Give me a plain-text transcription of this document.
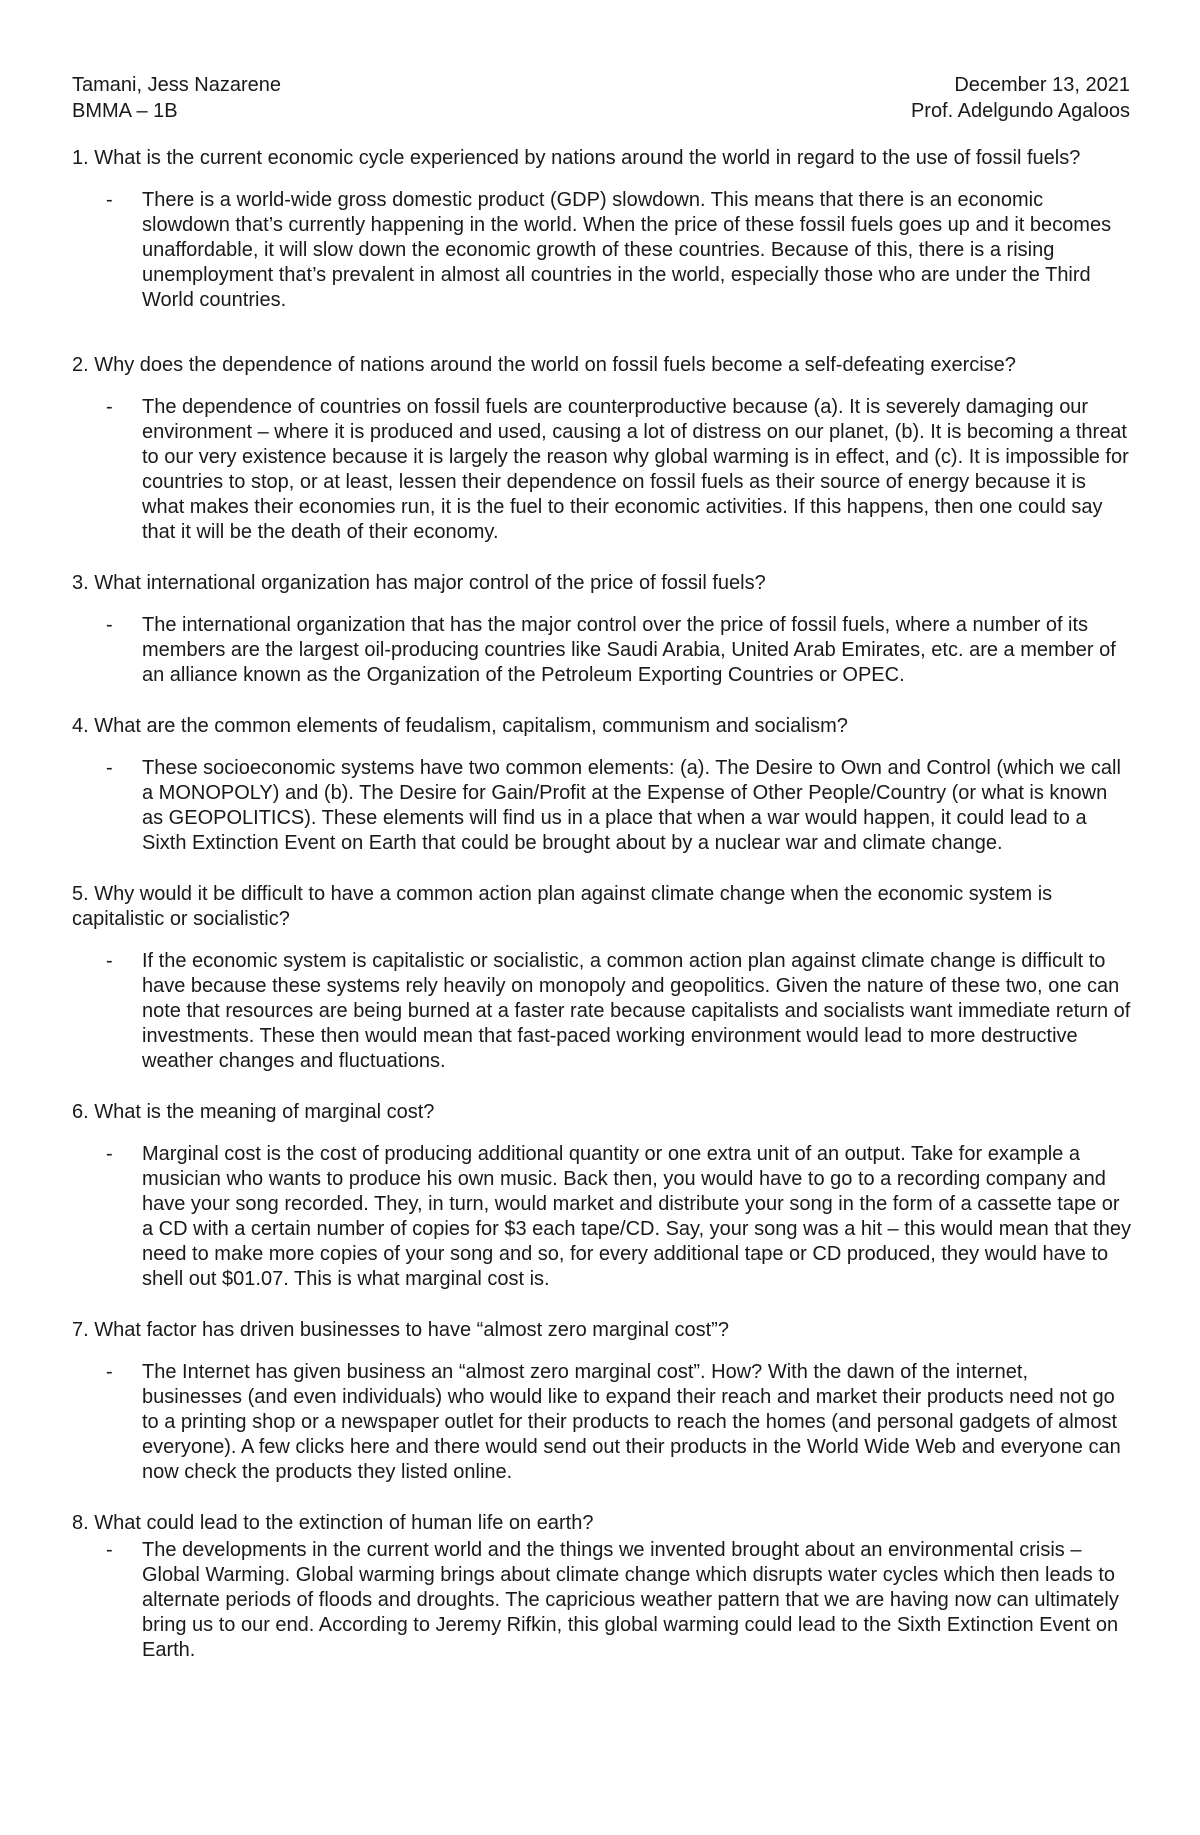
Tamani, Jess Nazarene
BMMA – 1B
December 13, 2021
Prof. Adelgundo Agaloos

1. What is the current economic cycle experienced by nations around the world in regard to the use of fossil fuels?

- There is a world-wide gross domestic product (GDP) slowdown. This means that there is an economic slowdown that’s currently happening in the world. When the price of these fossil fuels goes up and it becomes unaffordable, it will slow down the economic growth of these countries. Because of this, there is a rising unemployment that’s prevalent in almost all countries in the world, especially those who are under the Third World countries.

2. Why does the dependence of nations around the world on fossil fuels become a self-defeating exercise?

- The dependence of countries on fossil fuels are counterproductive because (a). It is severely damaging our environment – where it is produced and used, causing a lot of distress on our planet, (b). It is becoming a threat to our very existence because it is largely the reason why global warming is in effect, and (c). It is impossible for countries to stop, or at least, lessen their dependence on fossil fuels as their source of energy because it is what makes their economies run, it is the fuel to their economic activities. If this happens, then one could say that it will be the death of their economy.

3. What international organization has major control of the price of fossil fuels?

- The international organization that has the major control over the price of fossil fuels, where a number of its members are the largest oil-producing countries like Saudi Arabia, United Arab Emirates, etc. are a member of an alliance known as the Organization of the Petroleum Exporting Countries or OPEC.

4. What are the common elements of feudalism, capitalism, communism and socialism?

- These socioeconomic systems have two common elements: (a). The Desire to Own and Control (which we call a MONOPOLY) and (b). The Desire for Gain/Profit at the Expense of Other People/Country (or what is known as GEOPOLITICS). These elements will find us in a place that when a war would happen, it could lead to a Sixth Extinction Event on Earth that could be brought about by a nuclear war and climate change.

5. Why would it be difficult to have a common action plan against climate change when the economic system is capitalistic or socialistic?

- If the economic system is capitalistic or socialistic, a common action plan against climate change is difficult to have because these systems rely heavily on monopoly and geopolitics. Given the nature of these two, one can note that resources are being burned at a faster rate because capitalists and socialists want immediate return of investments. These then would mean that fast-paced working environment would lead to more destructive weather changes and fluctuations.

6. What is the meaning of marginal cost?

- Marginal cost is the cost of producing additional quantity or one extra unit of an output. Take for example a musician who wants to produce his own music. Back then, you would have to go to a recording company and have your song recorded. They, in turn, would market and distribute your song in the form of a cassette tape or a CD with a certain number of copies for $3 each tape/CD. Say, your song was a hit – this would mean that they need to make more copies of your song and so, for every additional tape or CD produced, they would have to shell out $01.07. This is what marginal cost is.

7. What factor has driven businesses to have “almost zero marginal cost”?

- The Internet has given business an “almost zero marginal cost”. How? With the dawn of the internet, businesses (and even individuals) who would like to expand their reach and market their products need not go to a printing shop or a newspaper outlet for their products to reach the homes (and personal gadgets of almost everyone). A few clicks here and there would send out their products in the World Wide Web and everyone can now check the products they listed online.

8. What could lead to the extinction of human life on earth?

- The developments in the current world and the things we invented brought about an environmental crisis – Global Warming. Global warming brings about climate change which disrupts water cycles which then leads to alternate periods of floods and droughts. The capricious weather pattern that we are having now can ultimately bring us to our end. According to Jeremy Rifkin, this global warming could lead to the Sixth Extinction Event on Earth.
